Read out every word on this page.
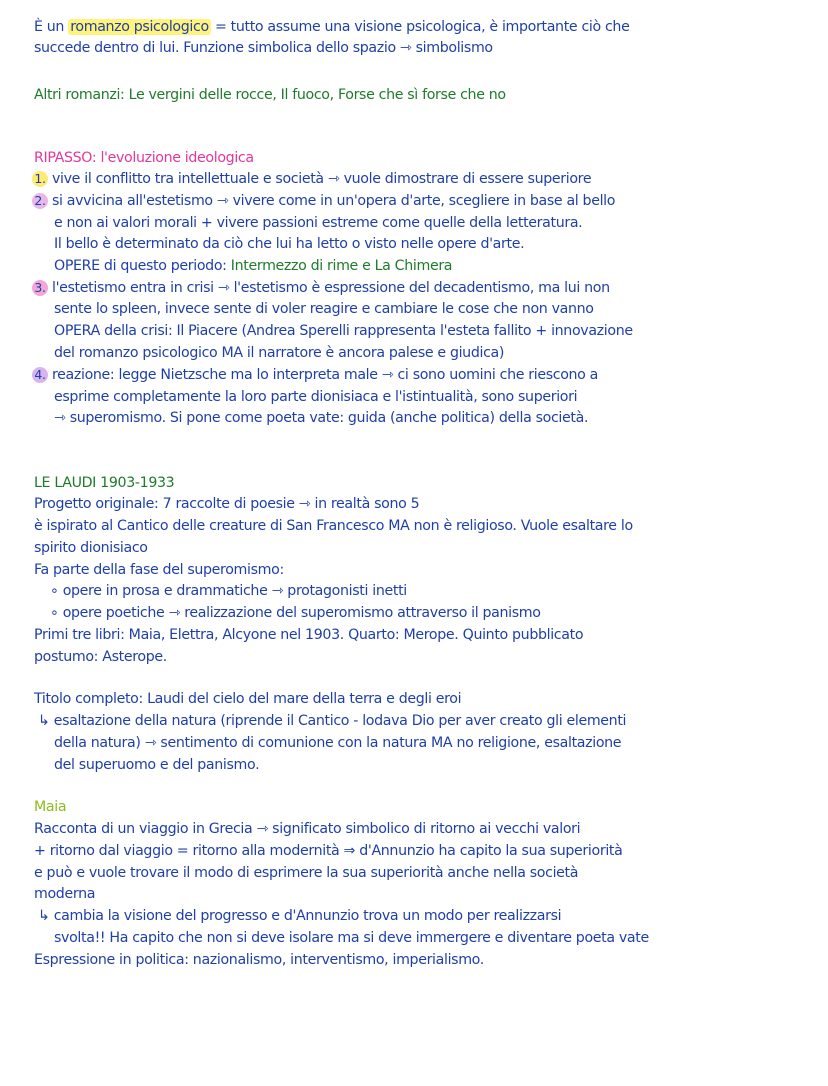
È un romanzo psicologico = tutto assume una visione psicologica, è importante ciò che
succede dentro di lui. Funzione simbolica dello spazio ⇾ simbolismo
Altri romanzi: Le vergini delle rocce, Il fuoco, Forse che sì forse che no
RIPASSO: l'evoluzione ideologica
1. vive il conflitto tra intellettuale e società ⇾ vuole dimostrare di essere superiore
2. si avvicina all'estetismo ⇾ vivere come in un'opera d'arte, scegliere in base al bello
e non ai valori morali + vivere passioni estreme come quelle della letteratura.
Il bello è determinato da ciò che lui ha letto o visto nelle opere d'arte.
OPERE di questo periodo: Intermezzo di rime e La Chimera
3. l'estetismo entra in crisi ⇾ l'estetismo è espressione del decadentismo, ma lui non
sente lo spleen, invece sente di voler reagire e cambiare le cose che non vanno
OPERA della crisi: Il Piacere (Andrea Sperelli rappresenta l'esteta fallito + innovazione
del romanzo psicologico MA il narratore è ancora palese e giudica)
4. reazione: legge Nietzsche ma lo interpreta male ⇾ ci sono uomini che riescono a
esprime completamente la loro parte dionisiaca e l'istintualità, sono superiori
⇾ superomismo. Si pone come poeta vate: guida (anche politica) della società.
LE LAUDI 1903-1933
Progetto originale: 7 raccolte di poesie ⇾ in realtà sono 5
è ispirato al Cantico delle creature di San Francesco MA non è religioso. Vuole esaltare lo
spirito dionisiaco
Fa parte della fase del superomismo:
∘ opere in prosa e drammatiche ⇾ protagonisti inetti
∘ opere poetiche ⇾ realizzazione del superomismo attraverso il panismo
Primi tre libri: Maia, Elettra, Alcyone nel 1903. Quarto: Merope. Quinto pubblicato
postumo: Asterope.
Titolo completo: Laudi del cielo del mare della terra e degli eroi
↳ esaltazione della natura (riprende il Cantico - lodava Dio per aver creato gli elementi
della natura) ⇾ sentimento di comunione con la natura MA no religione, esaltazione
del superuomo e del panismo.
Maia
Racconta di un viaggio in Grecia ⇾ significato simbolico di ritorno ai vecchi valori
+ ritorno dal viaggio = ritorno alla modernità ⇒ d'Annunzio ha capito la sua superiorità
e può e vuole trovare il modo di esprimere la sua superiorità anche nella società
moderna
↳ cambia la visione del progresso e d'Annunzio trova un modo per realizzarsi
svolta!! Ha capito che non si deve isolare ma si deve immergere e diventare poeta vate
Espressione in politica: nazionalismo, interventismo, imperialismo.
